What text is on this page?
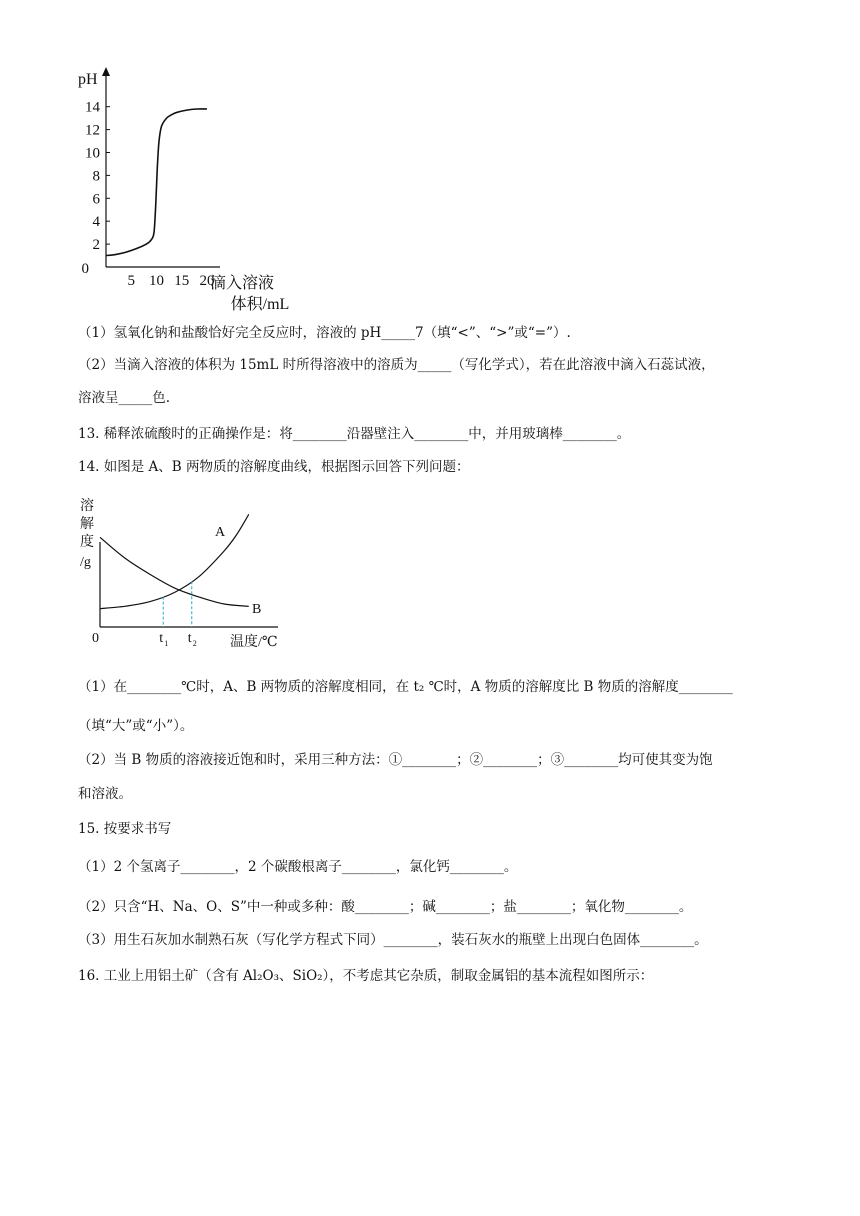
2
4
6
8
10
12
14
5 10 15 20
pH
0
滴入溶液
体积/mL
（1）氢氧化钠和盐酸恰好完全反应时，溶液的 pH_____7（填“<”、“>”或“=”）.
（2）当滴入溶液的体积为 15mL 时所得溶液中的溶质为_____（写化学式），若在此溶液中滴入石蕊试液，
溶液呈_____色.
13. 稀释浓硫酸时的正确操作是：将________沿器壁注入________中，并用玻璃棒________。
14. 如图是 A、B 两物质的溶解度曲线，根据图示回答下列问题：
溶
解
度
/g
A
B
0	t 1 t 2 温度/℃
（1）在________℃时，A、B 两物质的溶解度相同，在 t₂ ℃时，A 物质的溶解度比 B 物质的溶解度________
（填“大”或“小”）。
（2）当 B 物质的溶液接近饱和时，采用三种方法：①________；②________；③________均可使其变为饱
和溶液。
15. 按要求书写
（1）2 个氢离子________，2 个碳酸根离子________，氯化钙________。
（2）只含“H、Na、O、S”中一种或多种：酸________；碱________；盐________；氧化物________。
（3）用生石灰加水制熟石灰（写化学方程式下同）________，装石灰水的瓶壁上出现白色固体________。
16. 工业上用铝土矿（含有 Al₂O₃、SiO₂），不考虑其它杂质，制取金属铝的基本流程如图所示：
